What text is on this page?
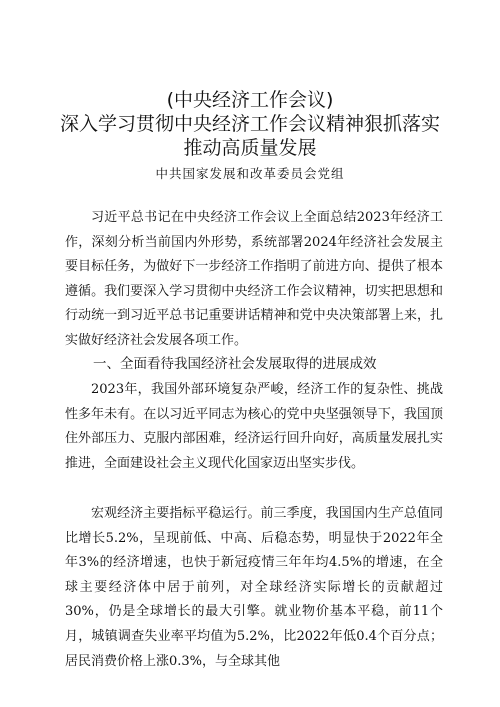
(中央经济工作会议)
深入学习贯彻中央经济工作会议精神狠抓落实
推动高质量发展
中共国家发展和改革委员会党组

习近平总书记在中央经济工作会议上全面总结2023年经济工作，深刻分析当前国内外形势，系统部署2024年经济社会发展主要目标任务，为做好下一步经济工作指明了前进方向、提供了根本遵循。我们要深入学习贯彻中央经济工作会议精神，切实把思想和行动统一到习近平总书记重要讲话精神和党中央决策部署上来，扎实做好经济社会发展各项工作。

一、全面看待我国经济社会发展取得的进展成效

2023年，我国外部环境复杂严峻，经济工作的复杂性、挑战性多年未有。在以习近平同志为核心的党中央坚强领导下，我国顶住外部压力、克服内部困难，经济运行回升向好，高质量发展扎实推进，全面建设社会主义现代化国家迈出坚实步伐。

宏观经济主要指标平稳运行。前三季度，我国国内生产总值同比增长5.2%，呈现前低、中高、后稳态势，明显快于2022年全年3%的经济增速，也快于新冠疫情三年年均4.5%的增速，在全球主要经济体中居于前列，对全球经济实际增长的贡献超过30%，仍是全球增长的最大引擎。就业物价基本平稳，前11个月，城镇调查失业率平均值为5.2%，比2022年低0.4个百分点；居民消费价格上涨0.3%，与全球其他
